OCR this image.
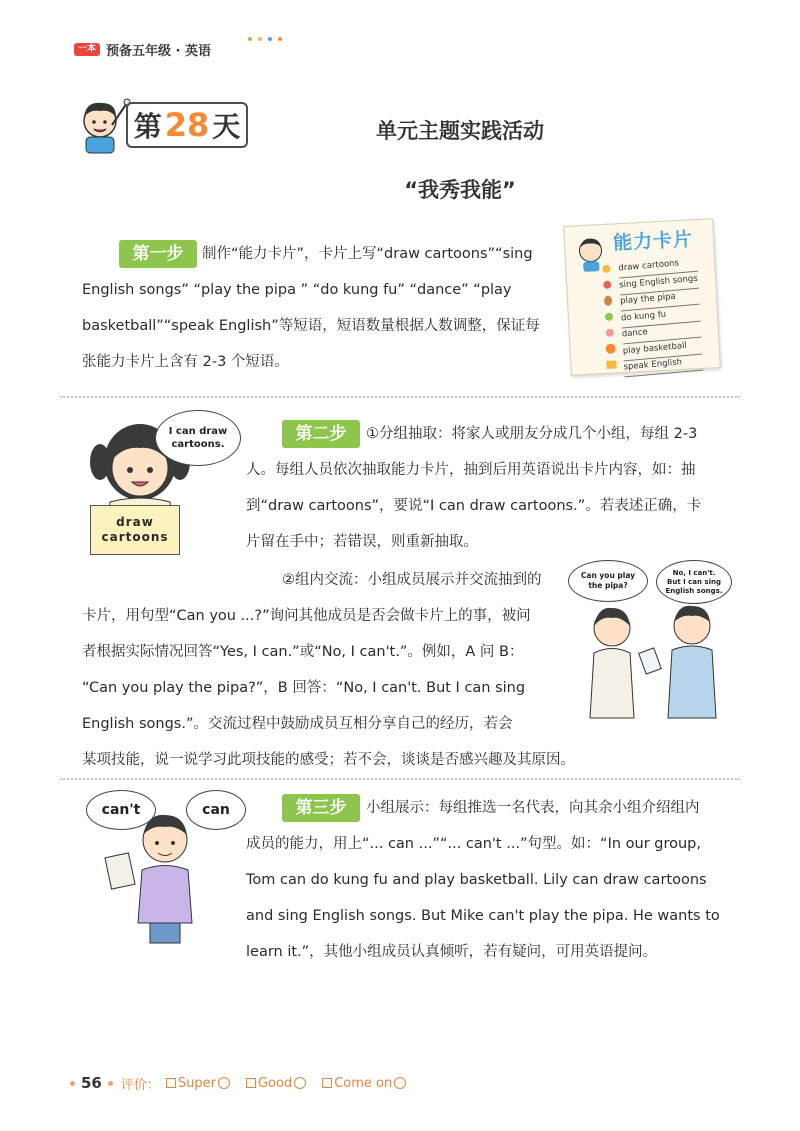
一本 预备五年级 · 英语
第 28 天	单元主题实践活动
“我秀我能”
第一步	制作“能力卡片”，卡片上写“draw cartoons”“sing
English songs” “play the pipa ” “do kung fu” “dance” “play
basketball”“speak English”等短语，短语数量根据人数调整，保证每
张能力卡片上含有 2-3 个短语。
能力卡片
draw cartoons
sing English songs
play the pipa
do kung fu
dance
play basketball
speak English
I can draw cartoons.
draw cartoons
第二步	①分组抽取：将家人或朋友分成几个小组，每组 2-3
人。每组人员依次抽取能力卡片，抽到后用英语说出卡片内容，如：抽
到“draw cartoons”，要说“I can draw cartoons.”。若表述正确，卡
片留在手中；若错误，则重新抽取。
②组内交流：小组成员展示并交流抽到的
卡片，用句型“Can you ...?”询问其他成员是否会做卡片上的事，被问
者根据实际情况回答“Yes, I can.”或“No, I can't.”。例如，A 问 B：
“Can you play the pipa?”，B 回答：“No, I can't. But I can sing
English songs.”。交流过程中鼓励成员互相分享自己的经历，若会
某项技能，说一说学习此项技能的感受；若不会，谈谈是否感兴趣及其原因。
Can you play the pipa?
No, I can't. But I can sing English songs.
can't	can	第三步	小组展示：每组推选一名代表，向其余小组介绍组内
成员的能力，用上“... can ...”“... can't ...”句型。如：“In our group,
Tom can do kung fu and play basketball. Lily can draw cartoons
and sing English songs. But Mike can't play the pipa. He wants to
learn it.”，其他小组成员认真倾听，若有疑问，可用英语提问。
56 评价： Super	Good	Come on
